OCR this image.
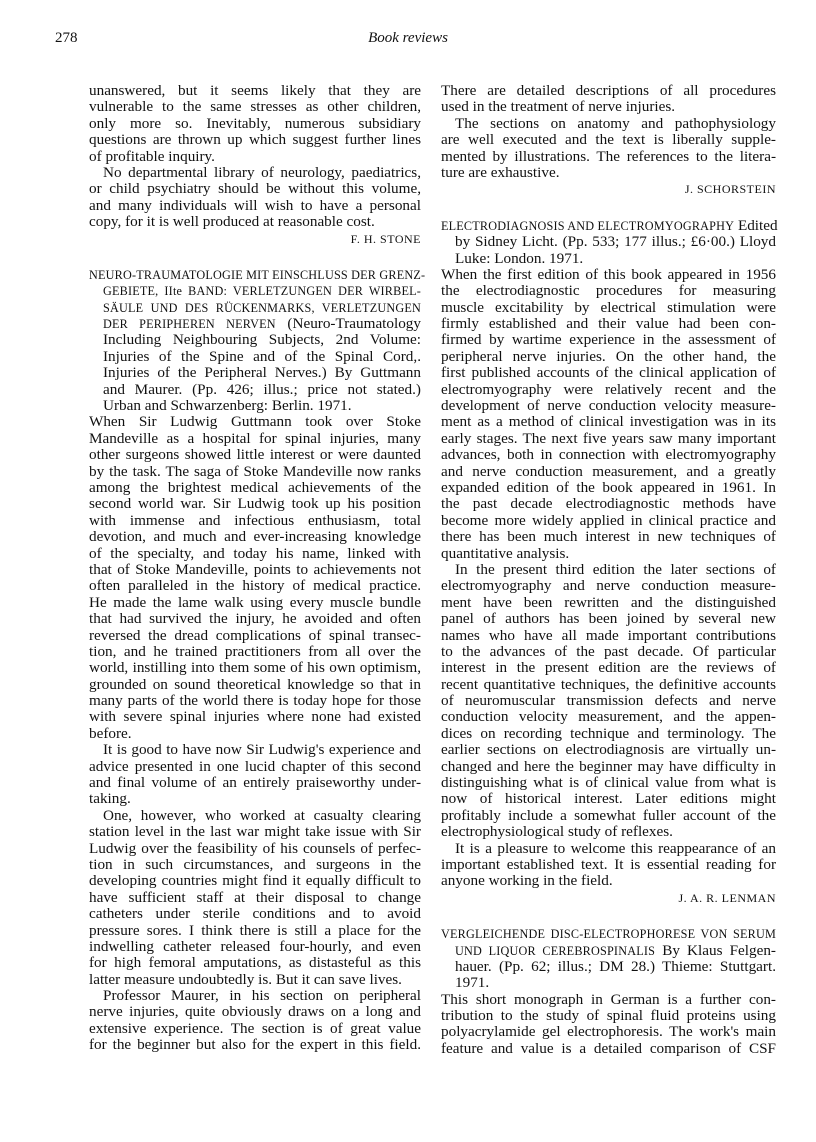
278	Book reviews
unanswered, but it seems likely that they are
vulnerable to the same stresses as other children,
only more so. Inevitably, numerous subsidiary
questions are thrown up which suggest further lines
of profitable inquiry.
No departmental library of neurology, paediatrics,
or child psychiatry should be without this volume,
and many individuals will wish to have a personal
copy, for it is well produced at reasonable cost.
F. H. STONE
NEURO-TRAUMATOLOGIE MIT EINSCHLUSS DER GRENZ-
GEBIETE, IIte BAND: VERLETZUNGEN DER WIRBEL-
SÄULE UND DES RÜCKENMARKS, VERLETZUNGEN
DER PERIPHEREN NERVEN (Neuro-Traumatology
Including Neighbouring Subjects, 2nd Volume:
Injuries of the Spine and of the Spinal Cord,.
Injuries of the Peripheral Nerves.) By Guttmann
and Maurer. (Pp. 426; illus.; price not stated.)
Urban and Schwarzenberg: Berlin. 1971.
When Sir Ludwig Guttmann took over Stoke
Mandeville as a hospital for spinal injuries, many
other surgeons showed little interest or were daunted
by the task. The saga of Stoke Mandeville now ranks
among the brightest medical achievements of the
second world war. Sir Ludwig took up his position
with immense and infectious enthusiasm, total
devotion, and much and ever-increasing knowledge
of the specialty, and today his name, linked with
that of Stoke Mandeville, points to achievements not
often paralleled in the history of medical practice.
He made the lame walk using every muscle bundle
that had survived the injury, he avoided and often
reversed the dread complications of spinal transec-
tion, and he trained practitioners from all over the
world, instilling into them some of his own optimism,
grounded on sound theoretical knowledge so that in
many parts of the world there is today hope for those
with severe spinal injuries where none had existed
before.
It is good to have now Sir Ludwig's experience and
advice presented in one lucid chapter of this second
and final volume of an entirely praiseworthy under-
taking.
One, however, who worked at casualty clearing
station level in the last war might take issue with Sir
Ludwig over the feasibility of his counsels of perfec-
tion in such circumstances, and surgeons in the
developing countries might find it equally difficult to
have sufficient staff at their disposal to change
catheters under sterile conditions and to avoid
pressure sores. I think there is still a place for the
indwelling catheter released four-hourly, and even
for high femoral amputations, as distasteful as this
latter measure undoubtedly is. But it can save lives.
Professor Maurer, in his section on peripheral
nerve injuries, quite obviously draws on a long and
extensive experience. The section is of great value
for the beginner but also for the expert in this field.
There are detailed descriptions of all procedures
used in the treatment of nerve injuries.
The sections on anatomy and pathophysiology
are well executed and the text is liberally supple-
mented by illustrations. The references to the litera-
ture are exhaustive.
J. SCHORSTEIN
ELECTRODIAGNOSIS AND ELECTROMYOGRAPHY Edited
by Sidney Licht. (Pp. 533; 177 illus.; £6·00.) Lloyd
Luke: London. 1971.
When the first edition of this book appeared in 1956
the electrodiagnostic procedures for measuring
muscle excitability by electrical stimulation were
firmly established and their value had been con-
firmed by wartime experience in the assessment of
peripheral nerve injuries. On the other hand, the
first published accounts of the clinical application of
electromyography were relatively recent and the
development of nerve conduction velocity measure-
ment as a method of clinical investigation was in its
early stages. The next five years saw many important
advances, both in connection with electromyography
and nerve conduction measurement, and a greatly
expanded edition of the book appeared in 1961. In
the past decade electrodiagnostic methods have
become more widely applied in clinical practice and
there has been much interest in new techniques of
quantitative analysis.
In the present third edition the later sections of
electromyography and nerve conduction measure-
ment have been rewritten and the distinguished
panel of authors has been joined by several new
names who have all made important contributions
to the advances of the past decade. Of particular
interest in the present edition are the reviews of
recent quantitative techniques, the definitive accounts
of neuromuscular transmission defects and nerve
conduction velocity measurement, and the appen-
dices on recording technique and terminology. The
earlier sections on electrodiagnosis are virtually un-
changed and here the beginner may have difficulty in
distinguishing what is of clinical value from what is
now of historical interest. Later editions might
profitably include a somewhat fuller account of the
electrophysiological study of reflexes.
It is a pleasure to welcome this reappearance of an
important established text. It is essential reading for
anyone working in the field.
J. A. R. LENMAN
VERGLEICHENDE DISC-ELECTROPHORESE VON SERUM
UND LIQUOR CEREBROSPINALIS By Klaus Felgen-
hauer. (Pp. 62; illus.; DM 28.) Thieme: Stuttgart.
1971.
This short monograph in German is a further con-
tribution to the study of spinal fluid proteins using
polyacrylamide gel electrophoresis. The work's main
feature and value is a detailed comparison of CSF
